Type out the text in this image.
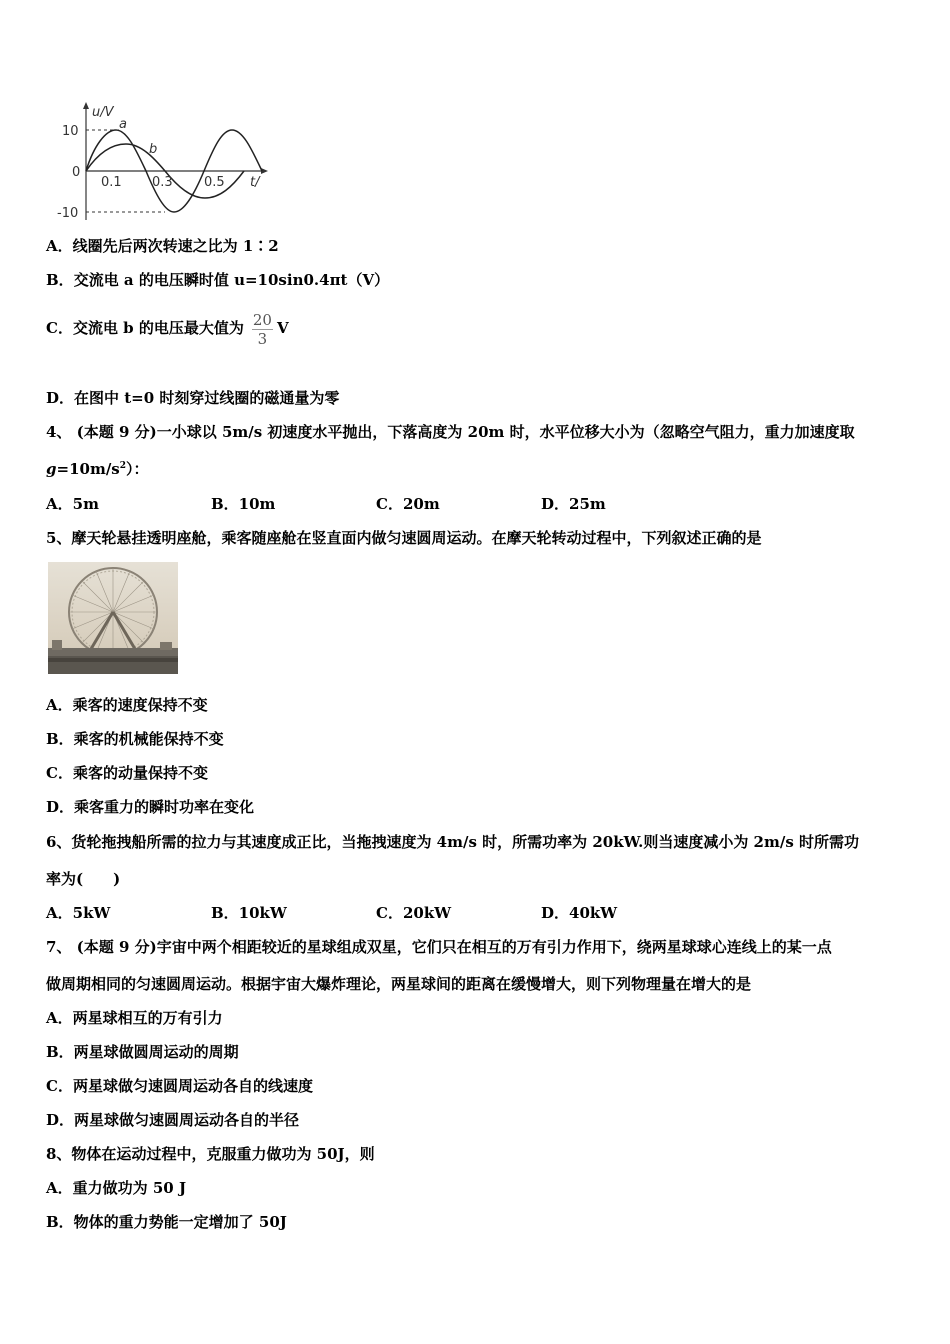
u/V
a
b
10
0
-10
0.1 0.3 0.5 t/
A．线圈先后两次转速之比为 1∶2
B．交流电 a 的电压瞬时值 u=10sin0.4πt（V）
C．交流电 b 的电压最大值为 $\frac{20}{3}$ V
D．在图中 t=0 时刻穿过线圈的磁通量为零
4、 (本题 9 分)一小球以 5m/s 初速度水平抛出，下落高度为 20m 时，水平位移大小为（忽略空气阻力，重力加速度取
$g=10m/s^2$）：
A．5m	B．10m	C．20m	D．25m
5、摩天轮悬挂透明座舱，乘客随座舱在竖直面内做匀速圆周运动。在摩天轮转动过程中，下列叙述正确的是
A．乘客的速度保持不变
B．乘客的机械能保持不变
C．乘客的动量保持不变
D．乘客重力的瞬时功率在变化
6、货轮拖拽船所需的拉力与其速度成正比，当拖拽速度为 4m/s 时，所需功率为 20kW.则当速度减小为 2m/s 时所需功
率为(　　)
A．5kW	B．10kW	C．20kW	D．40kW
7、 (本题 9 分)宇宙中两个相距较近的星球组成双星，它们只在相互的万有引力作用下，绕两星球球心连线上的某一点
做周期相同的匀速圆周运动。根据宇宙大爆炸理论，两星球间的距离在缓慢增大，则下列物理量在增大的是
A．两星球相互的万有引力
B．两星球做圆周运动的周期
C．两星球做匀速圆周运动各自的线速度
D．两星球做匀速圆周运动各自的半径
8、物体在运动过程中，克服重力做功为 50J，则
A．重力做功为 50 J
B．物体的重力势能一定增加了 50J
